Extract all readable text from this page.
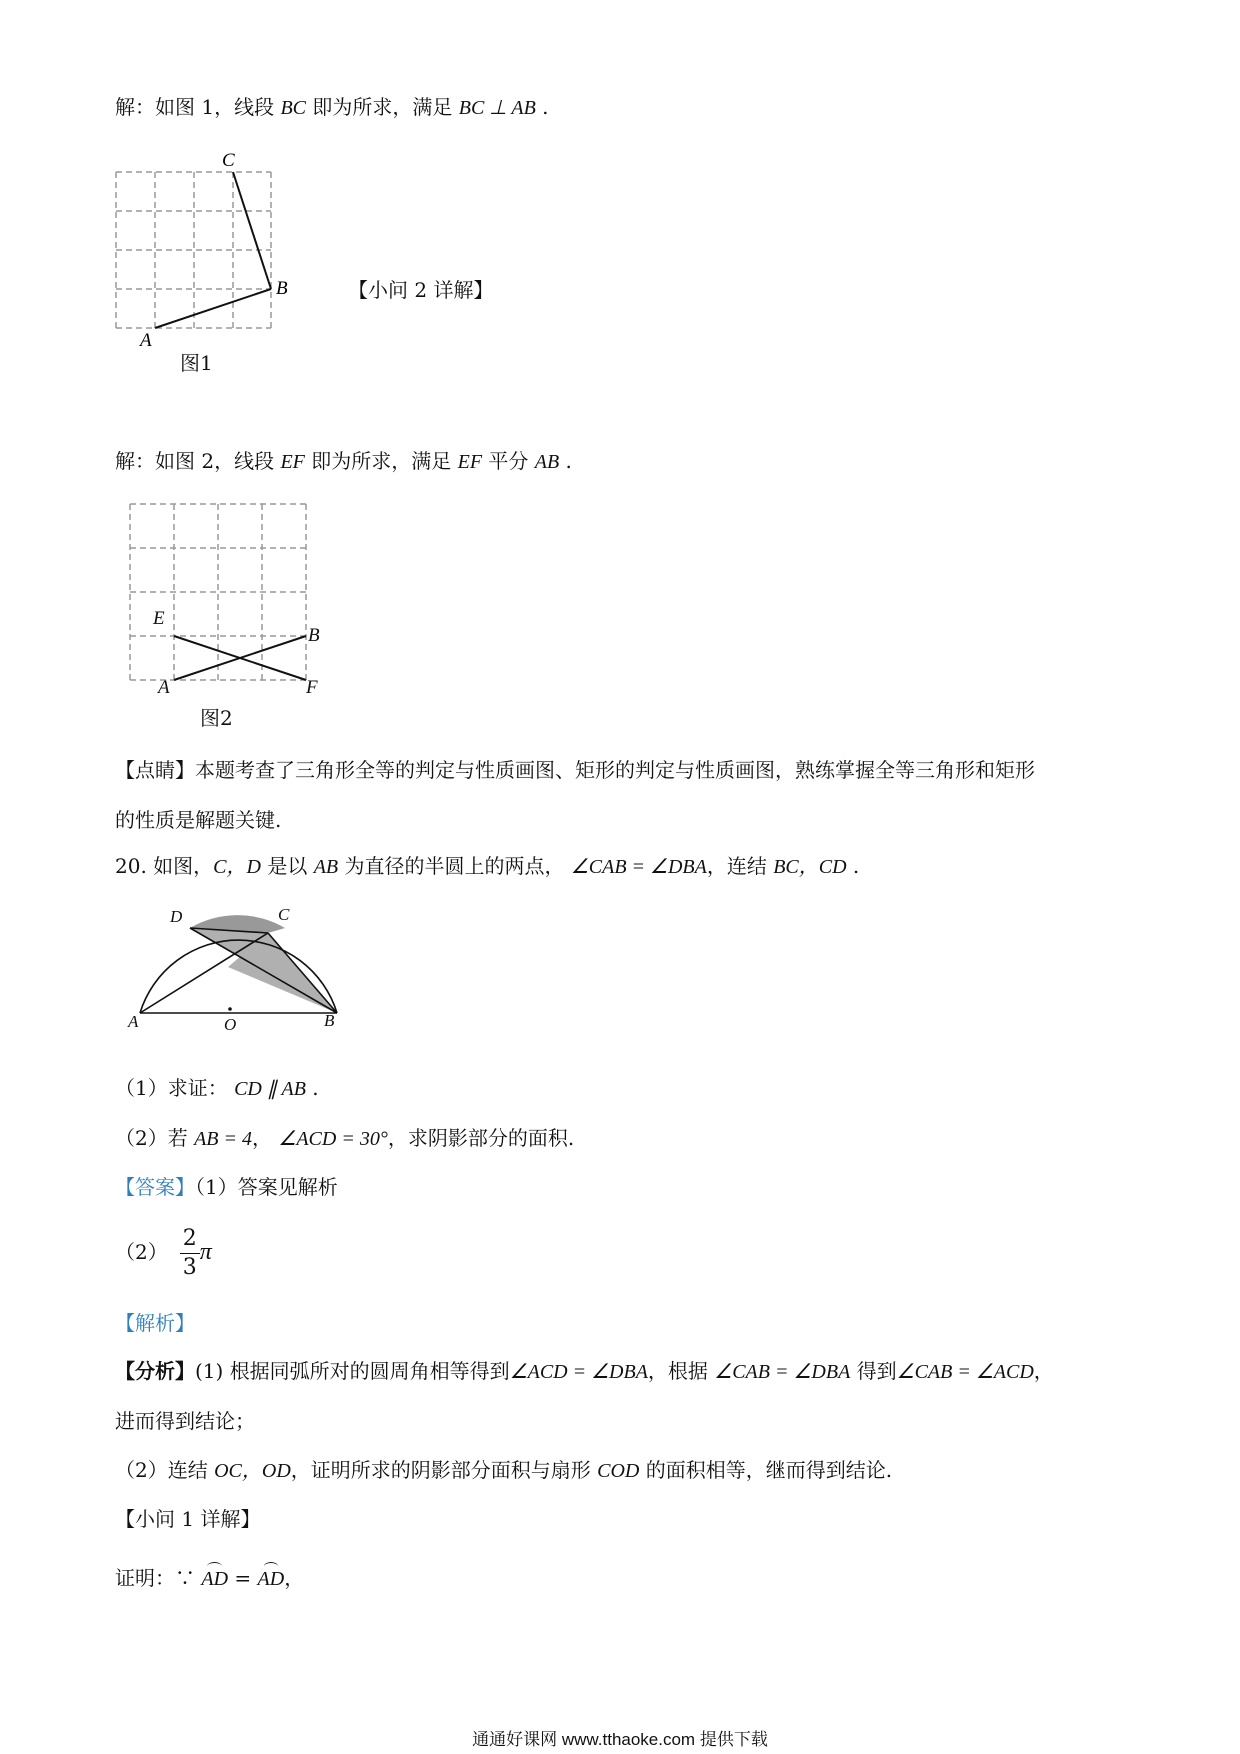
解：如图 1，线段 BC 即为所求，满足 BC ⊥ AB .
C
B
A
图1
【小问 2 详解】
解：如图 2，线段 EF 即为所求，满足 EF 平分 AB .
E
B
A	F
图2
【点睛】本题考查了三角形全等的判定与性质画图、矩形的判定与性质画图，熟练掌握全等三角形和矩形
的性质是解题关键.
20. 如图，C，D 是以 AB 为直径的半圆上的两点， ∠CAB = ∠DBA，连结 BC，CD .
D	C
A	O	B
（1）求证： CD ∥ AB .
（2）若 AB = 4， ∠ACD = 30°，求阴影部分的面积.
【答案】（1）答案见解析
$(2) \frac{2}{3}$ π
【解析】
【分析】(1) 根据同弧所对的圆周角相等得到∠ACD = ∠DBA，根据 ∠CAB = ∠DBA 得到∠CAB = ∠ACD，
进而得到结论；
（2）连结 OC，OD，证明所求的阴影部分面积与扇形 COD 的面积相等，继而得到结论.
【小问 1 详解】
证明：∵ AD = AD，
通通好课网 www.tthaoke.com 提供下载
